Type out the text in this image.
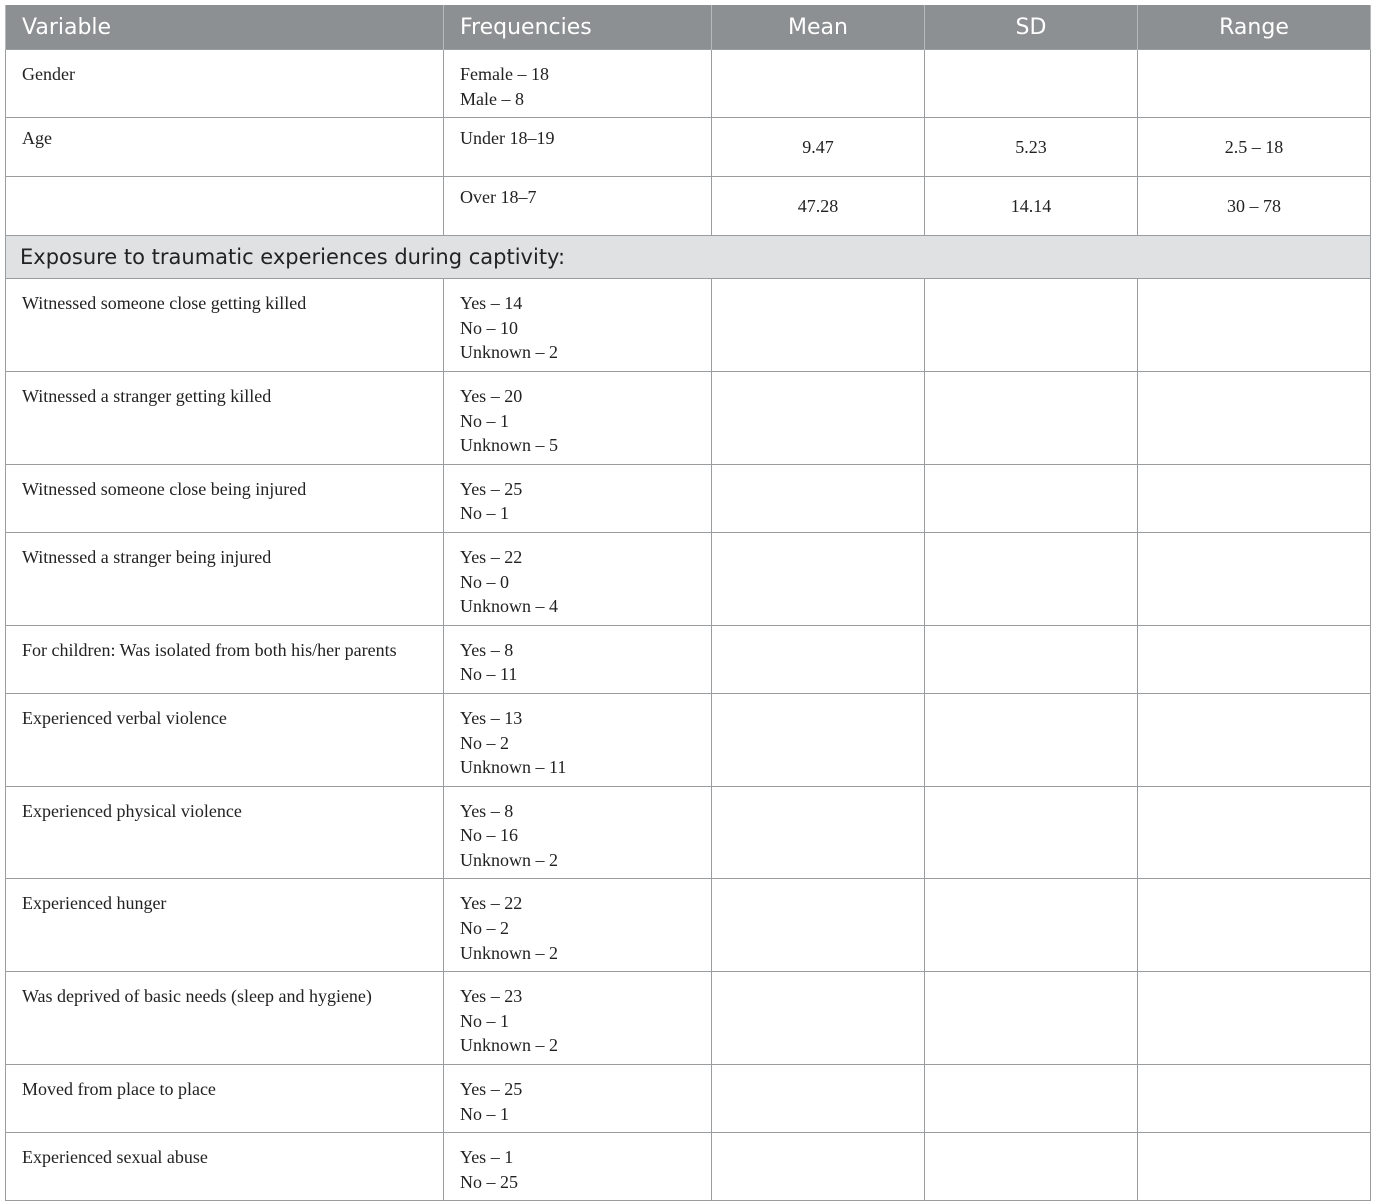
Variable	Frequencies	Mean	SD	Range
Gender	Female – 18
Male – 8			

Age	Under 18–19	9.47	5.23	2.5 – 18

	Over 18–7	47.28	14.14	30 – 78
Exposure to traumatic experiences during captivity:				
Witnessed someone close getting killed	Yes – 14
No – 10
Unknown – 2			

Witnessed a stranger getting killed	Yes – 20
No – 1
Unknown – 5			

Witnessed someone close being injured	Yes – 25
No – 1			

Witnessed a stranger being injured	Yes – 22
No – 0
Unknown – 4			

For children: Was isolated from both his/her parents	Yes – 8
No – 11			

Experienced verbal violence	Yes – 13
No – 2
Unknown – 11			

Experienced physical violence	Yes – 8
No – 16
Unknown – 2			

Experienced hunger	Yes – 22
No – 2
Unknown – 2			

Was deprived of basic needs (sleep and hygiene)	Yes – 23
No – 1
Unknown – 2			

Moved from place to place	Yes – 25
No – 1			

Experienced sexual abuse	Yes – 1
No – 25			
